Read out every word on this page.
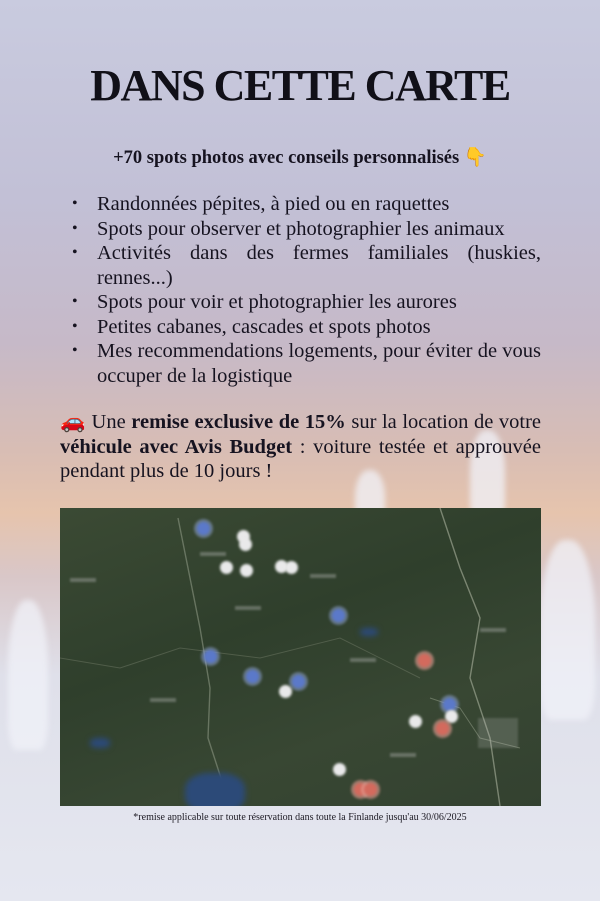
DANS CETTE CARTE
+70 spots photos avec conseils personnalisés 👇
• Randonnées pépites, à pied ou en raquettes
• Spots pour observer et photographier les animaux
• Activités dans des fermes familiales (huskies, rennes...)
• Spots pour voir et photographier les aurores
• Petites cabanes, cascades et spots photos
• Mes recommendations logements, pour éviter de vous occuper de la logistique

🚗 Une remise exclusive de 15% sur la location de votre véhicule avec Avis Budget : voiture testée et approuvée pendant plus de 10 jours !

*remise applicable sur toute réservation dans toute la Finlande jusqu'au 30/06/2025
